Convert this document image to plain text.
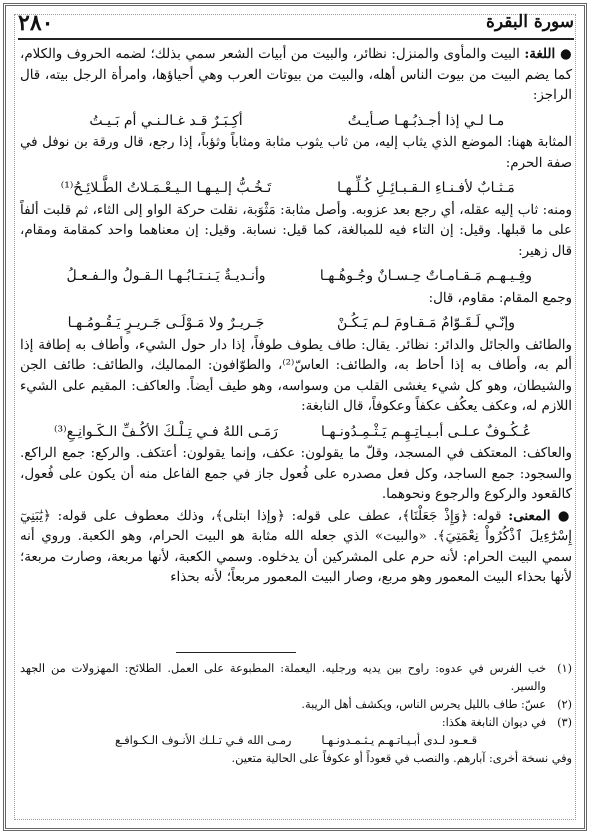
٢٨٠	سورة البقرة

● اللغة: البيت والمأوى والمنزل: نظائر، والبيت من أبيات الشعر سمي بذلك؛ لضمه الحروف والكلام، كما يضم البيت من بيوت الناس أهله، والبيت من بيوتات العرب وهي أحياؤها، وامرأة الرجل بيته، قال الراجز:

مـا لـي إذا أجـذبُـهـا صـأيـتُ
أكِـبَـرٌ قـد غـالـنـي أم بَـيـتُ

المثابة ههنا: الموضع الذي يثاب إليه، من ثاب يثوب مثابة ومثاباً وثؤباً، إذا رجع، قال ورقة بن نوفل في صفة الحرم:

مَـثـابٌ لأفـنـاءِ الـقـبـائِـلِ كُـلِّـهـا
تَـخُـبُّ إلـيـهـا الـيـعْـمَـلاتُ الطَّـلائِـحُ⁽¹⁾

ومنه: ثاب إليه عقله، أي رجع بعد عزوبه. وأصل مثابة: مَثْوَبة، نقلت حركة الواو إلى الثاء، ثم قلبت ألفاً على ما قبلها. وقيل: إن التاء فيه للمبالغة، كما قيل: نسابة. وقيل: إن معناهما واحد كمقامة ومقام، قال زهير:

وفِـيـهـم مَـقـامـاتٌ حِـسـانٌ وجُـوهُـهـا
وأنـديـةٌ يَـنـتـابُـهـا الـقـولُ والـفـعـلُ

وجمع المقام: مقاوم، قال:

وإنّـي لَـقَـوّامٌ مَـقـاومَ لـم يَـكُـنْ
جَـريـرٌ ولا مَـوْلَـى جَـريـرٍ يَـقُـومُـهـا

والطائف والجائل والدائر: نظائر. يقال: طاف يطوف طوفاً، إذا دار حول الشيء، وأطاف به إطافة إذا ألم به، وأطاف به إذا أحاط به، والطائف: العاسّ⁽²⁾، والطوّافون: المماليك، والطائف: طائف الجن والشيطان، وهو كل شيء يغشى القلب من وسواسه، وهو طيف أيضاً. والعاكف: المقيم على الشيء اللازم له، وعكف يعكُف عكفاً وعكوفاً، قال النابغة:

عُـكُـوفٌ عـلـى أبـيـاتِـهِـم يَـثْـمِـدُونـهـا
رَمَـى اللهُ فـي تِـلْـكَ الأكُـفِّ الـكَـوانِـعِ⁽³⁾

والعاكف: المعتكف في المسجد، وقلّ ما يقولون: عكف، وإنما يقولون: أعتكف. والركع: جمع الراكع. والسجود: جمع الساجد، وكل فعل مصدره على فُعول جاز في جمع الفاعل منه أن يكون على فُعول، كالقعود والركوع والرجوع ونحوهما.

● المعنى: قوله: ﴿وَإِذْ جَعَلْنَا﴾، عطف على قوله: ﴿وإذا ابتلى﴾، وذلك معطوف على قوله: ﴿يَٰبَنِيٓ إِسْرَٰٓءِيلَ ٱذْكُرُواْ نِعْمَتِيَ﴾. «والبيت» الذي جعله الله مثابة هو البيت الحرام، وهو الكعبة. وروي أنه سمي البيت الحرام: لأنه حرم على المشركين أن يدخلوه. وسمي الكعبة، لأنها مربعة، وصارت مربعة؛ لأنها بحذاء البيت المعمور وهو مربع، وصار البيت المعمور مربعاً؛ لأنه بحذاء

(١)
خب الفرس في عدوه: راوح بين يديه ورجليه. اليعملة: المطبوعة على العمل. الطلائح: المهزولات من الجهد والسير.
(٢)
عسّ: طاف بالليل يحرس الناس، ويكشف أهل الريبة.
(٣)
في ديوان النابغة هكذا:
قـعـود لـدى أبـيـاتـهـم يـثـمـدونـهـا
رمـى الله فـي تـلـك الأنـوف الـكـوافـع
وفي نسخة أخرى: آبارهم. والنصب في قعوداً أو عكوفاً على الحالية متعين.
